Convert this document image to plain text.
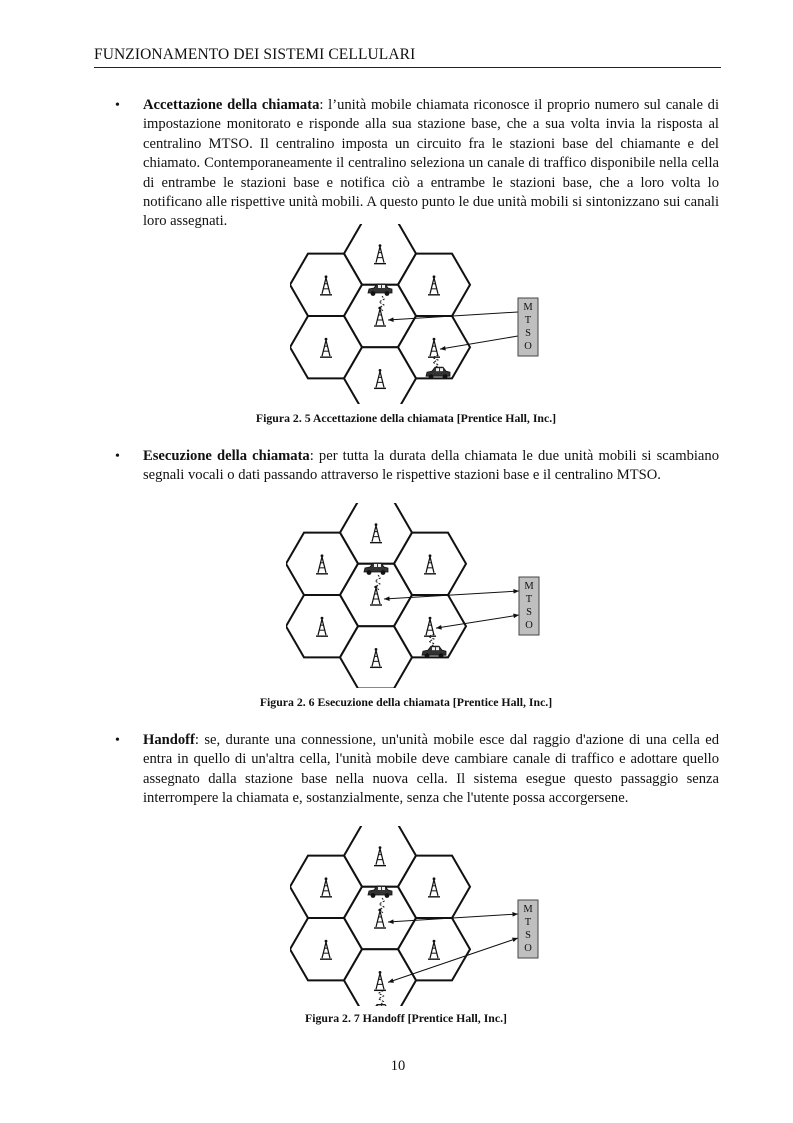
FUNZIONAMENTO DEI SISTEMI CELLULARI
• Accettazione della chiamata: l’unità mobile chiamata riconosce il proprio numero sul canale di impostazione monitorato e risponde alla sua stazione base, che a sua volta invia la risposta al centralino MTSO. Il centralino imposta un circuito fra le stazioni base del chiamante e del chiamato. Contemporaneamente il centralino seleziona un canale di traffico disponibile nella cella di entrambe le stazioni base e notifica ciò a entrambe le stazioni base, che a loro volta lo notificano alle rispettive unità mobili. A questo punto le due unità mobili si sintonizzano sui canali loro assegnati.
M
T
S
O
Figura 2. 5 Accettazione della chiamata [Prentice Hall, Inc.]
• Esecuzione della chiamata: per tutta la durata della chiamata le due unità mobili si scambiano segnali vocali o dati passando attraverso le rispettive stazioni base e il centralino MTSO.
M
T
S
O
Figura 2. 6 Esecuzione della chiamata [Prentice Hall, Inc.]
• Handoff: se, durante una connessione, un'unità mobile esce dal raggio d'azione di una cella ed entra in quello di un'altra cella, l'unità mobile deve cambiare canale di traffico e adottare quello assegnato dalla stazione base nella nuova cella. Il sistema esegue questo passaggio senza interrompere la chiamata e, sostanzialmente, senza che l'utente possa accorgersene.
M
T
S
O
Figura 2. 7 Handoff [Prentice Hall, Inc.]
10
